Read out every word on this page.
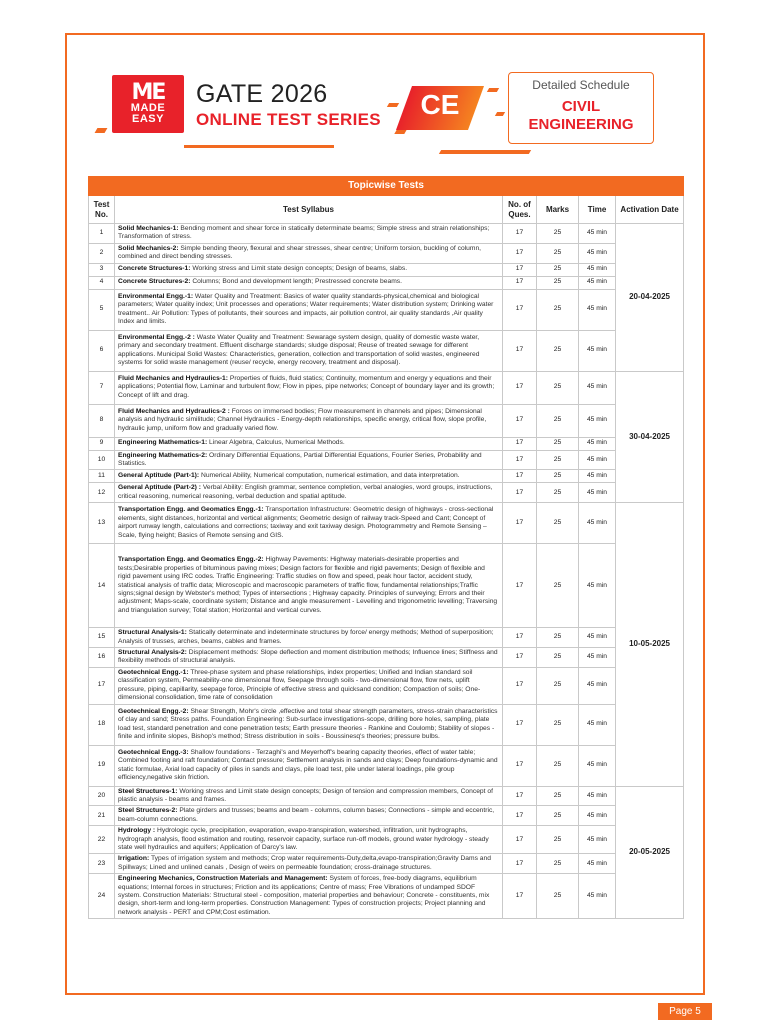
ME
MADE
EASY
GATE 2026
ONLINE TEST SERIES	CE
Detailed Schedule
CIVIL
ENGINEERING
Topicwise Tests					
Test No.	Test Syllabus	No. of Ques.	Marks	Time	Activation Date
1	Solid Mechanics-1: Bending moment and shear force in statically determinate beams; Simple stress and strain relationships; Transformation of stress.	17	25	45 min	20-04-2025
2	Solid Mechanics-2: Simple bending theory, flexural and shear stresses, shear centre; Uniform torsion, buckling of column, combined and direct bending stresses.	17	25	45 min	
3	Concrete Structures-1: Working stress and Limit state design concepts; Design of beams, slabs.	17	25	45 min	
4	Concrete Structures-2: Columns; Bond and development length; Prestressed concrete beams.	17	25	45 min	
5	Environmental Engg.-1: Water Quality and Treatment: Basics of water quality standards-physical,chemical and biological parameters; Water quality index; Unit processes and operations; Water requirements; Water distribution system; Drinking water treatment.. Air Pollution: Types of pollutants, their sources and impacts, air pollution control, air quality standards ,Air quality Index and limits.	17	25	45 min	
6	Environmental Engg.-2 : Waste Water Quality and Treatment: Sewarage system design, quality of domestic waste water, primary and secondary treatment. Effluent discharge standards; sludge disposal; Reuse of treated sewage for different applications. Municipal Solid Wastes: Characteristics, generation, collection and transportation of solid wastes, engineered systems for solid waste management (reuse/ recycle, energy recovery, treatment and disposal).	17	25	45 min	
7	Fluid Mechanics and Hydraulics-1: Properties of fluids, fluid statics; Continuity, momentum and energy y equations and their applications; Potential flow, Laminar and turbulent flow; Flow in pipes, pipe networks; Concept of boundary layer and its growth; Concept of lift and drag.	17	25	45 min	30-04-2025
8	Fluid Mechanics and Hydraulics-2 : Forces on immersed bodies; Flow measurement in channels and pipes; Dimensional analysis and hydraulic similitude; Channel Hydraulics - Energy-depth relationships, specific energy, critical flow, slope profile, hydraulic jump, uniform flow and gradually varied flow.	17	25	45 min	
9	Engineering Mathematics-1: Linear Algebra, Calculus, Numerical Methods.	17	25	45 min	
10	Engineering Mathematics-2: Ordinary Differential Equations, Partial Differential Equations, Fourier Series, Probability and Statistics.	17	25	45 min	
11	General Aptitude (Part-1): Numerical Ability, Numerical computation, numerical estimation, and data interpretation.	17	25	45 min	
12	General Aptitude (Part-2) : Verbal Ability: English grammar, sentence completion, verbal analogies, word groups, instructions, critical reasoning, numerical reasoning, verbal deduction and spatial aptitude.	17	25	45 min	
13	Transportation Engg. and Geomatics Engg.-1: Transportation Infrastructure: Geometric design of highways - cross-sectional elements, sight distances, horizontal and vertical alignments; Geometric design of railway track-Speed and Cant; Concept of airport runway length, calculations and corrections; taxiway and exit taxiway design. Photogrammetry and Remote Sensing – Scale, flying height; Basics of Remote sensing and GIS.	17	25	45 min	10-05-2025
14	Transportation Engg. and Geomatics Engg.-2: Highway Pavements: Highway materials-desirable properties and tests;Desirable properties of bituminous paving mixes; Design factors for flexible and rigid pavements; Design of flexible and rigid pavement using IRC codes. Traffic Engineering: Traffic studies on flow and speed, peak hour factor, accident study, statistical analysis of traffic data; Microscopic and macroscopic parameters of traffic flow, fundamental relationships;Traffic signs;signal design by Webster's method; Types of intersections ; Highway capacity. Principles of surveying; Errors and their adjustment; Maps-scale, coordinate system; Distance and angle measurement - Levelling and trigonometric levelling; Traversing and triangulation survey; Total station; Horizontal and vertical curves.	17	25	45 min	
15	Structural Analysis-1: Statically determinate and indeterminate structures by force/ energy methods; Method of superposition; Analysis of trusses, arches, beams, cables and frames.	17	25	45 min	
16	Structural Analysis-2: Displacement methods: Slope deflection and moment distribution methods; Influence lines; Stiffness and flexibility methods of structural analysis.	17	25	45 min	
17	Geotechnical Engg.-1: Three-phase system and phase relationships, index properties; Unified and Indian standard soil classification system, Permeability-one dimensional flow, Seepage through soils - two-dimensional flow, flow nets, uplift pressure, piping, capillarity, seepage force, Principle of effective stress and quicksand condition; Compaction of soils; One-dimensional consolidation, time rate of consolidation	17	25	45 min	
18	Geotechnical Engg.-2: Shear Strength, Mohr's circle ,effective and total shear strength parameters, stress-strain characteristics of clay and sand; Stress paths. Foundation Engineering: Sub-surface investigations-scope, drilling bore holes, sampling, plate load test, standard penetration and cone penetration tests; Earth pressure theories - Rankine and Coulomb; Stability of slopes - finite and infinite slopes, Bishop's method; Stress distribution in soils - Boussinesq's theories; pressure bulbs.	17	25	45 min	
19	Geotechnical Engg.-3: Shallow foundations - Terzaghi's and Meyerhoff's bearing capacity theories, effect of water table; Combined footing and raft foundation; Contact pressure; Settlement analysis in sands and clays; Deep foundations-dynamic and static formulae, Axial load capacity of piles in sands and clays, pile load test, pile under lateral loadings, pile group efficiency,negative skin friction.	17	25	45 min	
20	Steel Structures-1: Working stress and Limit state design concepts; Design of tension and compression members, Concept of plastic analysis - beams and frames.	17	25	45 min	20-05-2025
21	Steel Structures-2: Plate girders and trusses; beams and beam - columns, column bases; Connections - simple and eccentric, beam-column connections.	17	25	45 min	
22	Hydrology : Hydrologic cycle, precipitation, evaporation, evapo-transpiration, watershed, infiltration, unit hydrographs, hydrograph analysis, flood estimation and routing, reservoir capacity, surface run-off models, ground water hydrology - steady state well hydraulics and aquifers; Application of Darcy's law.	17	25	45 min	
23	Irrigation: Types of irrigation system and methods; Crop water requirements-Duty,delta,evapo-transpiration;Gravity Dams and Spillways; Lined and unlined canals , Design of weirs on permeable foundation; cross-drainage structures.	17	25	45 min	
24	Engineering Mechanics, Construction Materials and Management: System of forces, free-body diagrams, equilibrium equations; Internal forces in structures; Friction and its applications; Centre of mass; Free Vibrations of undamped SDOF system. Construction Materials: Structural steel - composition, material properties and behaviour; Concrete - constituents, mix design, short-term and long-term properties. Construction Management: Types of construction projects; Project planning and network analysis - PERT and CPM;Cost estimation.	17	25	45 min	
Page 5
